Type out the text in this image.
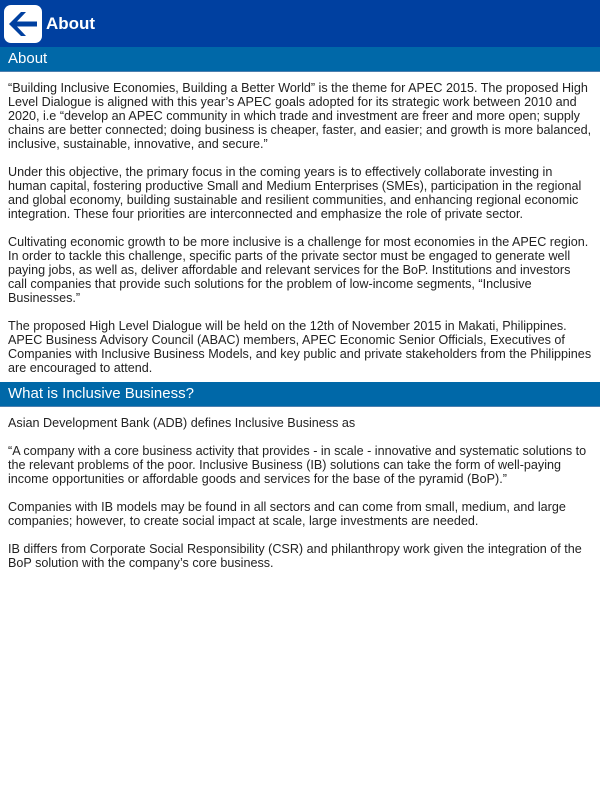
About
About

“Building Inclusive Economies, Building a Better World” is the theme for APEC 2015. The proposed High Level Dialogue is aligned with this year’s APEC goals adopted for its strategic work between 2010 and 2020, i.e “develop an APEC community in which trade and investment are freer and more open; supply chains are better connected; doing business is cheaper, faster, and easier; and growth is more balanced, inclusive, sustainable, innovative, and secure.”

Under this objective, the primary focus in the coming years is to effectively collaborate investing in human capital, fostering productive Small and Medium Enterprises (SMEs), participation in the regional and global economy, building sustainable and resilient communities, and enhancing regional economic integration. These four priorities are interconnected and emphasize the role of private sector.

Cultivating economic growth to be more inclusive is a challenge for most economies in the APEC region. In order to tackle this challenge, specific parts of the private sector must be engaged to generate well paying jobs, as well as, deliver affordable and relevant services for the BoP. Institutions and investors call companies that provide such solutions for the problem of low-income segments, “Inclusive Businesses.”

The proposed High Level Dialogue will be held on the 12th of November 2015 in Makati, Philippines. APEC Business Advisory Council (ABAC) members, APEC Economic Senior Officials, Executives of Companies with Inclusive Business Models, and key public and private stakeholders from the Philippines are encouraged to attend.

What is Inclusive Business?

Asian Development Bank (ADB) defines Inclusive Business as

“A company with a core business activity that provides - in scale - innovative and systematic solutions to the relevant problems of the poor. Inclusive Business (IB) solutions can take the form of well-paying income opportunities or affordable goods and services for the base of the pyramid (BoP).”

Companies with IB models may be found in all sectors and can come from small, medium, and large companies; however, to create social impact at scale, large investments are needed.

IB differs from Corporate Social Responsibility (CSR) and philanthropy work given the integration of the BoP solution with the company’s core business.
